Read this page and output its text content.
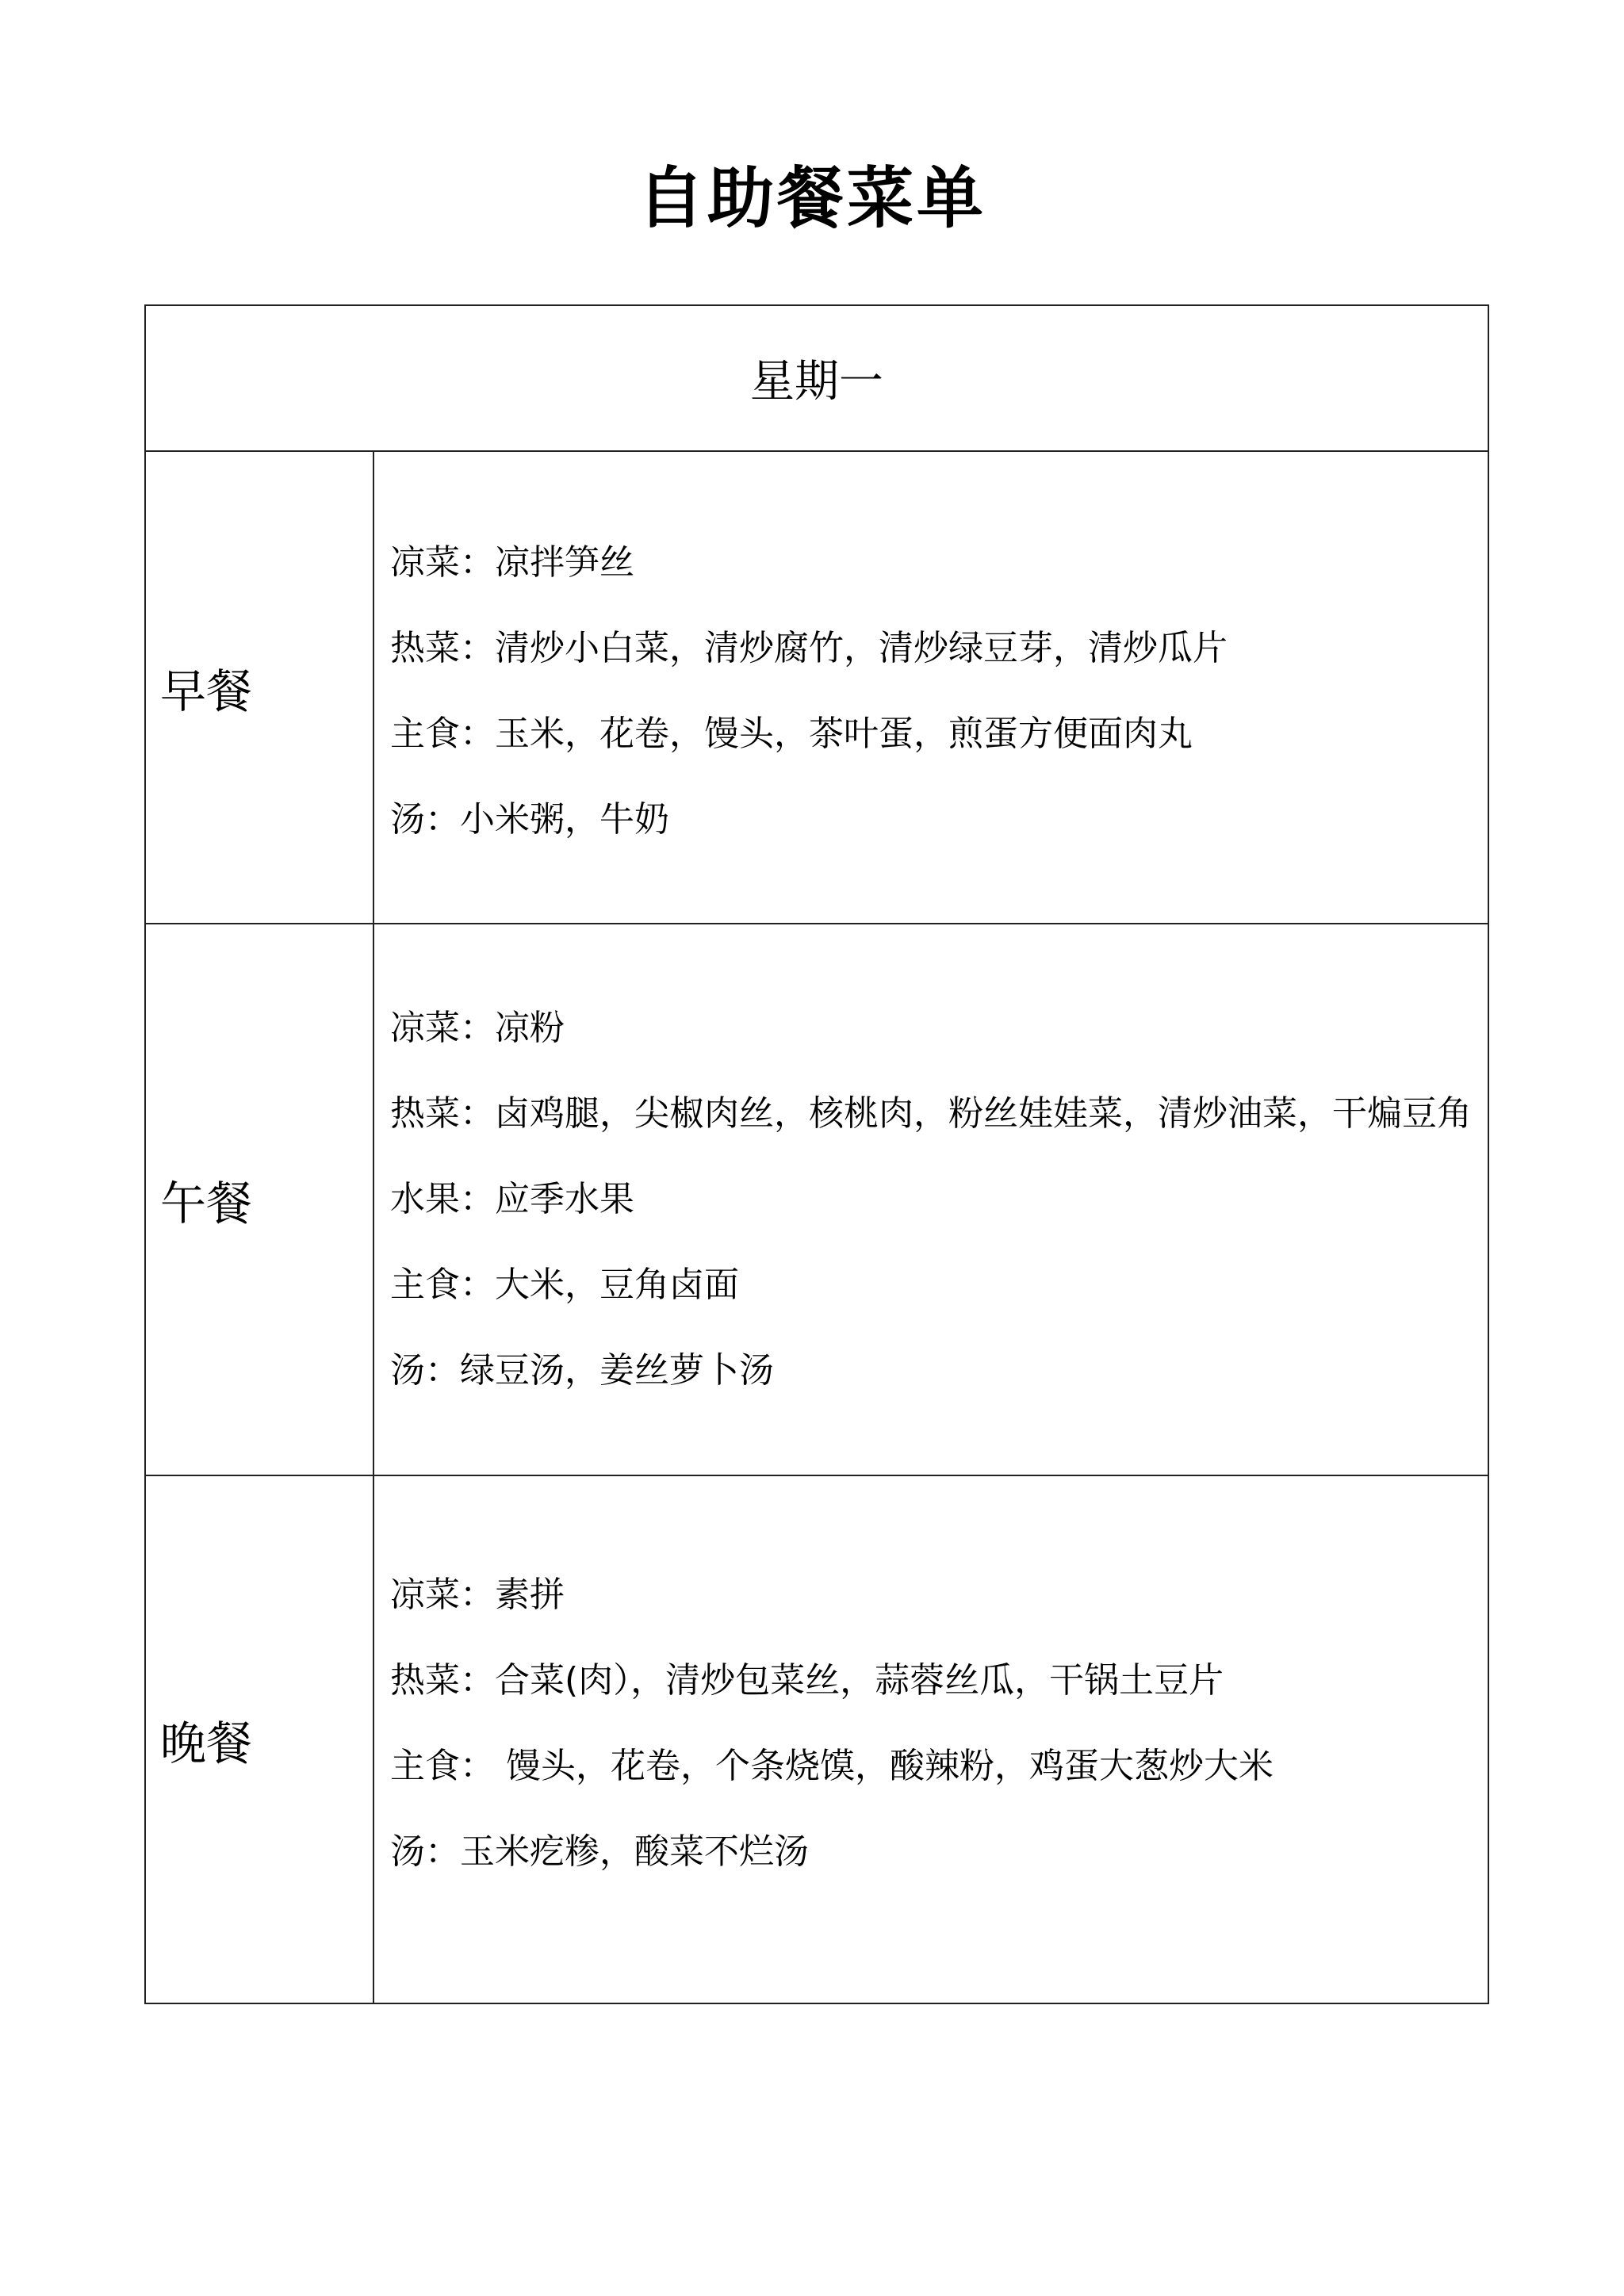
自助餐菜单
星期一
早餐
凉菜：凉拌笋丝
热菜：清炒小白菜，清炒腐竹，清炒绿豆芽，清炒瓜片
主食：玉米，花卷，馒头，茶叶蛋，煎蛋方便面肉丸
汤：小米粥，牛奶
午餐
凉菜：凉粉
热菜：卤鸡腿，尖椒肉丝，核桃肉，粉丝娃娃菜，清炒油菜，干煸豆角
水果：应季水果
主食：大米，豆角卤面
汤：绿豆汤，姜丝萝卜汤
晚餐
凉菜：素拼
热菜：合菜(肉），清炒包菜丝，蒜蓉丝瓜，干锅土豆片
主食： 馒头，花卷，个条烧馍，酸辣粉，鸡蛋大葱炒大米
汤：玉米疙糁，酸菜不烂汤
